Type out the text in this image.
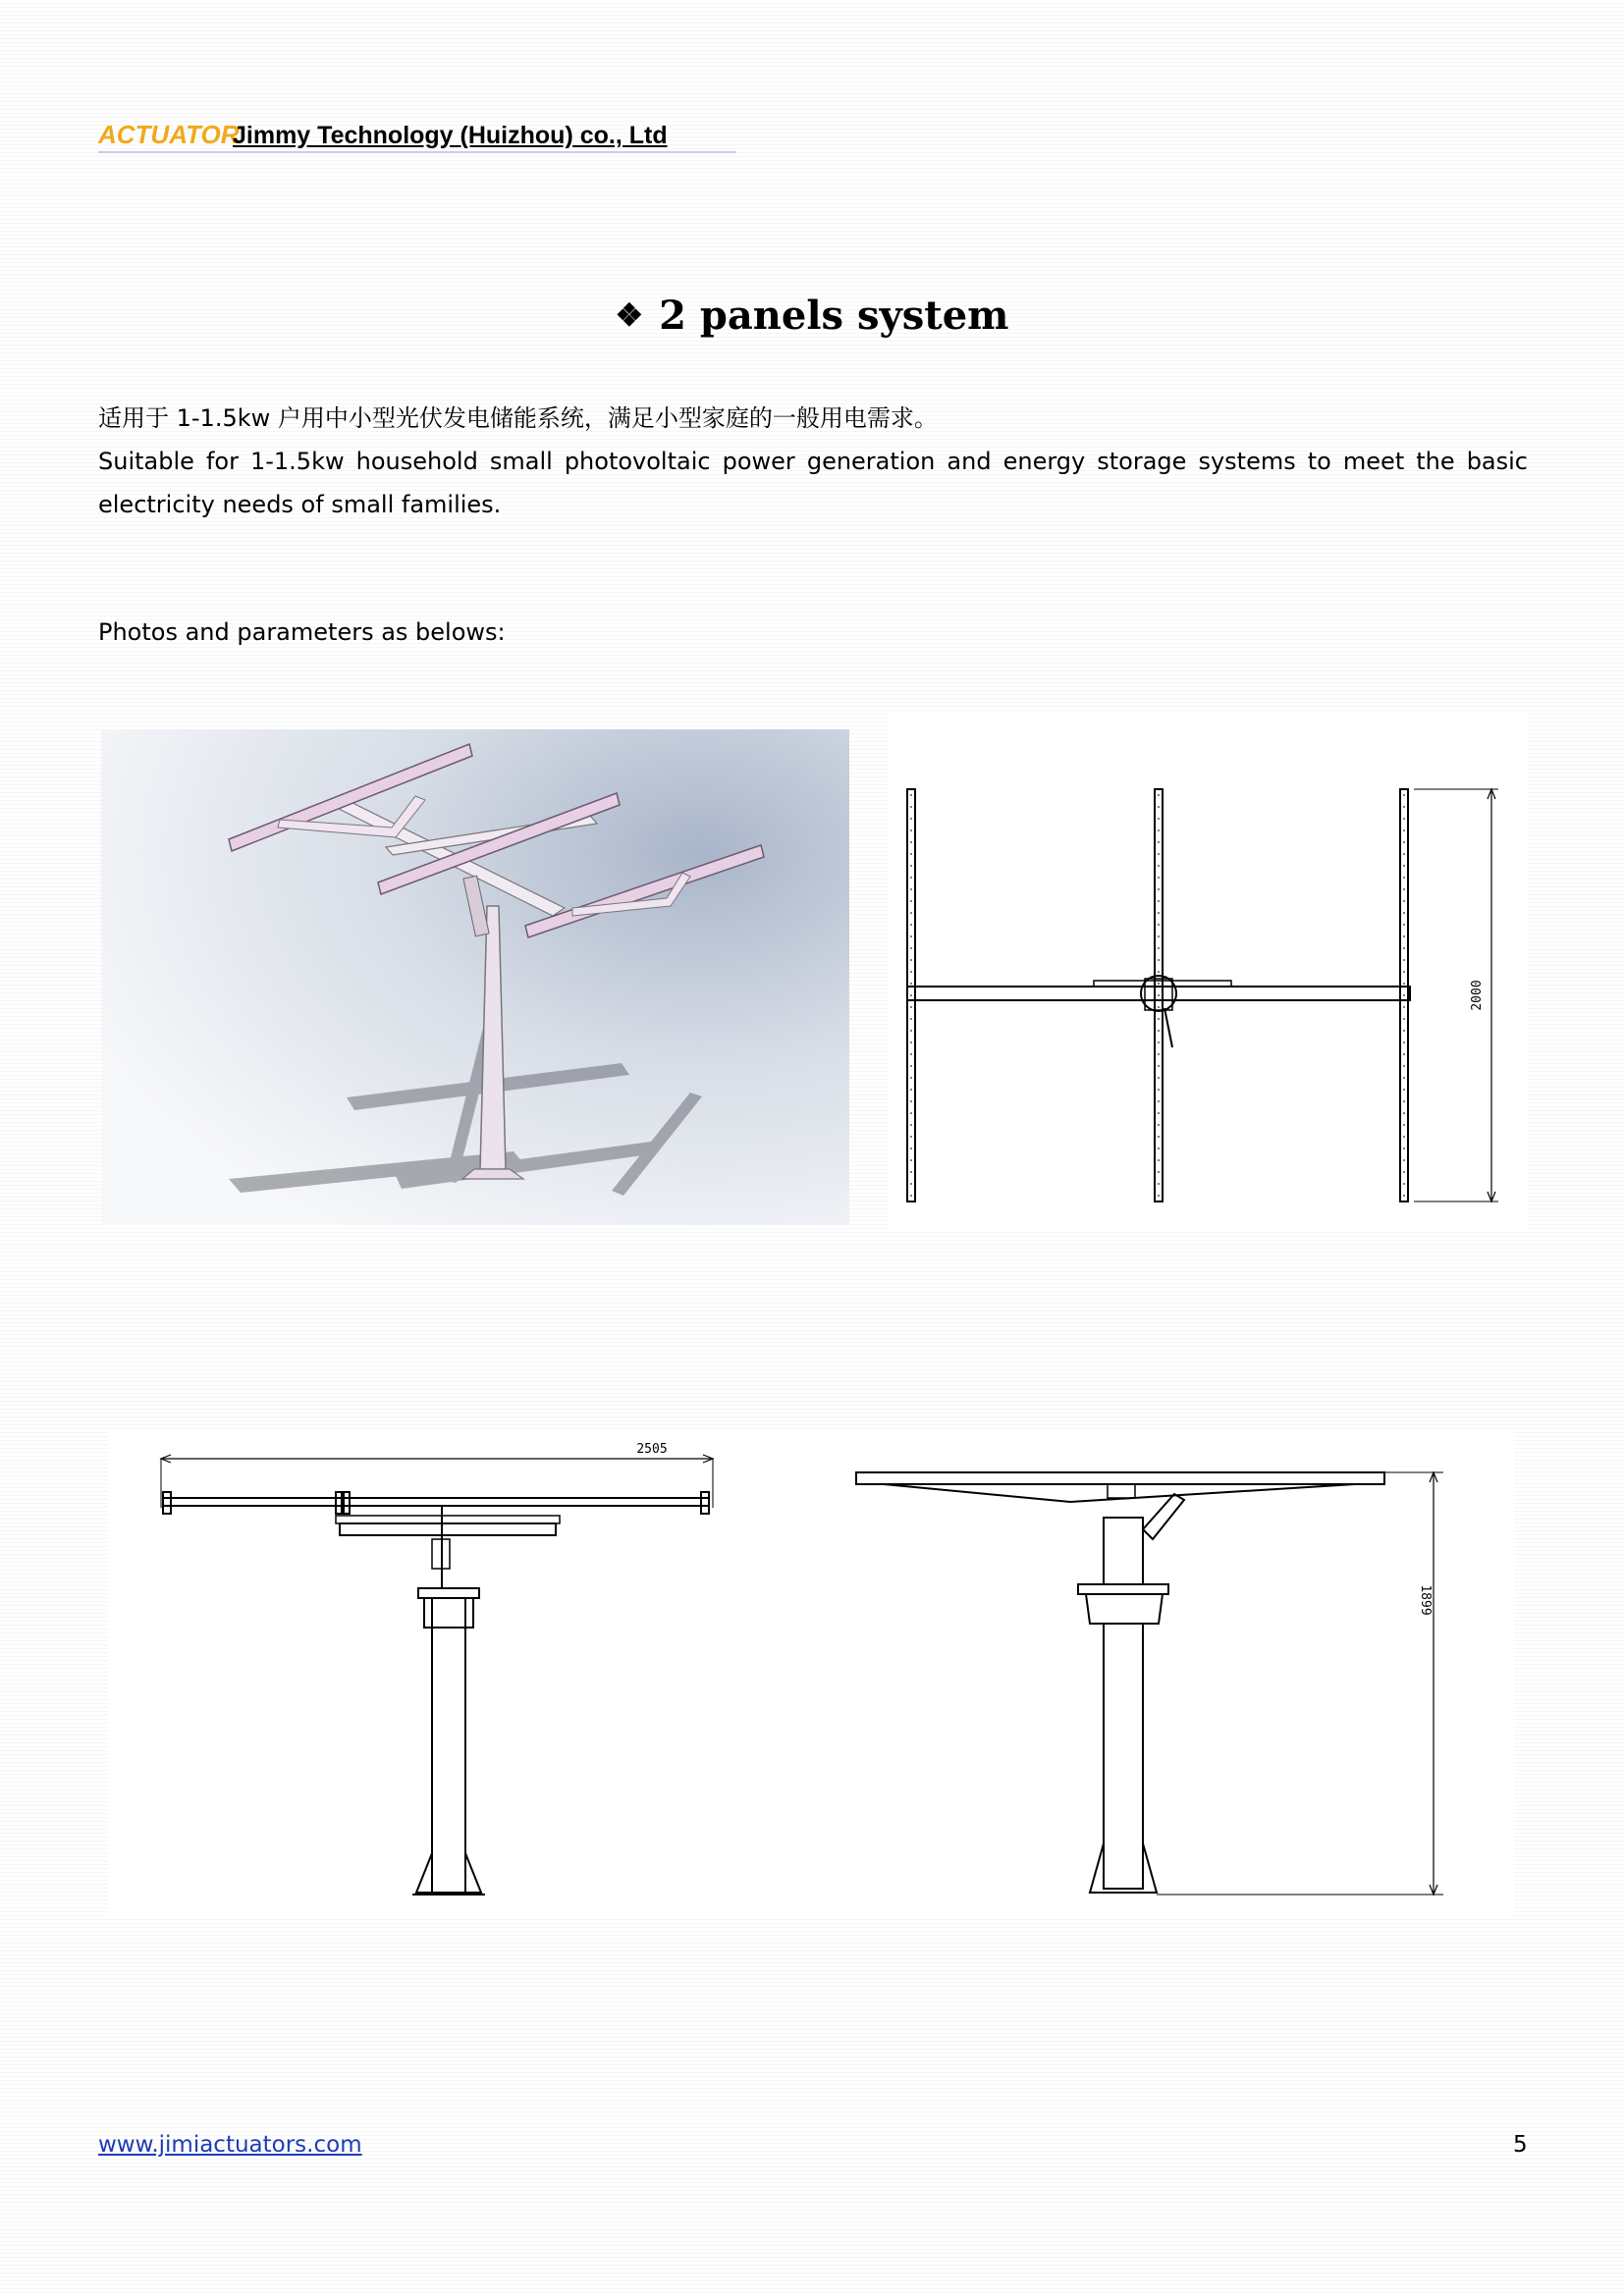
ACTUATOR
Jimmy Technology (Huizhou) co., Ltd
❖ 2 panels system

适用于 1-1.5kw 户用中小型光伏发电储能系统，满足小型家庭的一般用电需求。

Suitable for 1-1.5kw household small photovoltaic power generation and energy storage systems to meet the basic electricity needs of small families.

Photos and parameters as belows:

2000
2505
1899
www.jimiactuators.com	5
